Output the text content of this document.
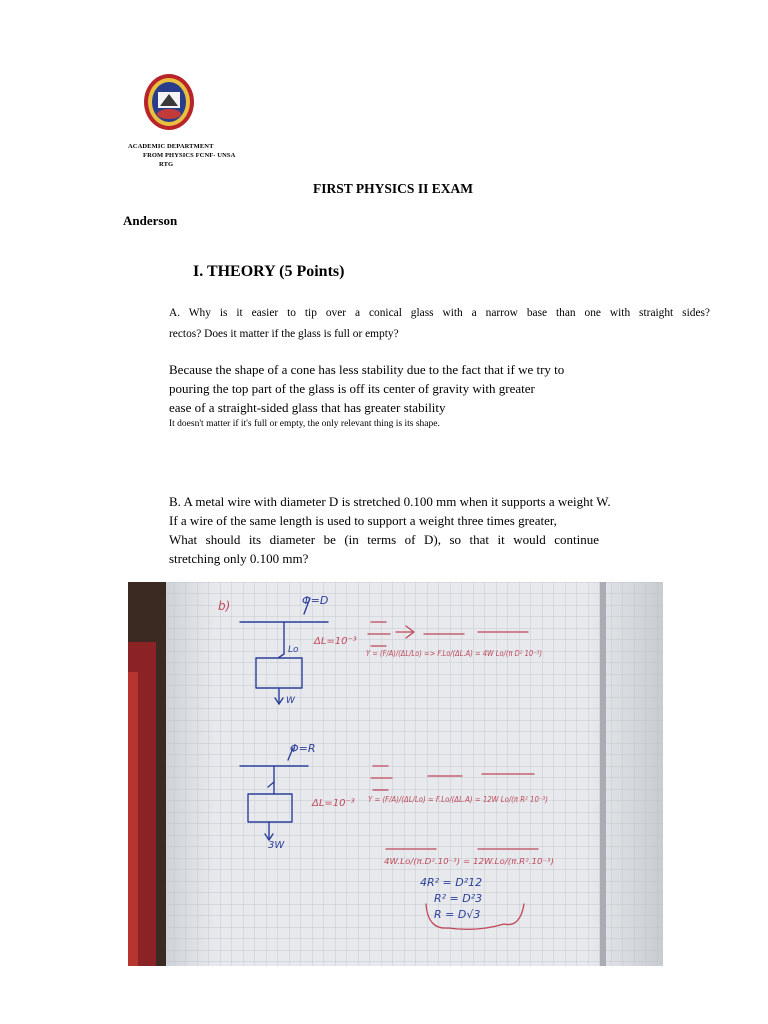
ACADEMIC DEPARTMENT
FROM PHYSICS FCNF- UNSA
RTG
FIRST PHYSICS II EXAM
Anderson
I. THEORY (5 Points)
A. Why is it easier to tip over a conical glass with a narrow base than one with straight sides?
rectos? Does it matter if the glass is full or empty?
Because the shape of a cone has less stability due to the fact that if we try to
pouring the top part of the glass is off its center of gravity with greater
ease of a straight-sided glass that has greater stability
It doesn't matter if it's full or empty, the only relevant thing is its shape.
B. A metal wire with diameter D is stretched 0.100 mm when it supports a weight W.
If a wire of the same length is used to support a weight three times greater,
What should its diameter be (in terms of D), so that it would continue
stretching only 0.100 mm?
b)	Φ=D
Lo
W
ΔL=10⁻³
Y = (F/A)/(ΔL/Lo) => F.Lo/(ΔL.A) = 4W Lo/(π D² 10⁻³)
Φ=R
3W
ΔL=10⁻³ Y = (F/A)/(ΔL/Lo) = F.Lo/(ΔL.A) = 12W Lo/(π R² 10⁻³)
4W.Lo/(π.D².10⁻³) = 12W.Lo/(π.R².10⁻³)
4R² = D²12
R² = D²3
R = D√3
